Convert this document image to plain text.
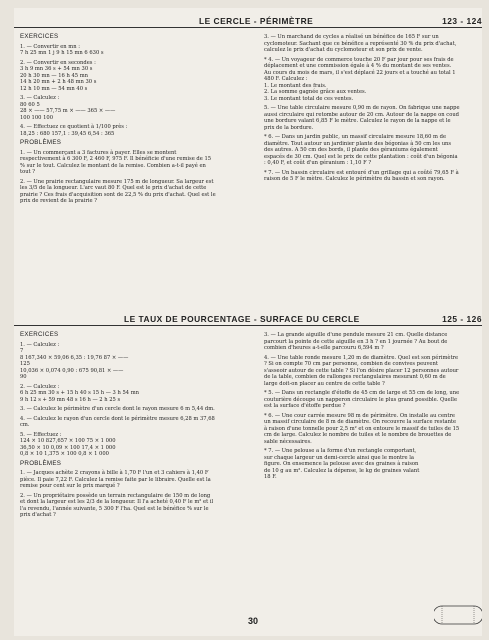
LE CERCLE - PÉRIMÈTRE	123 - 124
EXERCICES
1. — Convertir en mn :
7 h 25 mn 1 j 9 h 15 mn 6 630 s
2. — Convertir en secondes :
3 h 9 mn 36 s + 54 mn 30 s
20 h 30 mn — 16 h 45 mn
14 h 20 mn + 2 h 48 mn 30 s
12 h 10 mn — 54 mn 40 s
3. — Calculez :
80 60 5
28 × —— 57,75 m × —— 365 × ——
100 100 100
4. — Effectuez ce quotient à 1/100 près :
18,25 : 680 157,1 : 39,45 6,54 : 365
PROBLÈMES
1. — Un commerçant a 3 factures à payer. Elles se montent respectivement à 6 300 F, 2 460 F, 975 F. Il bénéficie d'une remise de 15 % sur le tout. Calculez le montant de la remise. Combien a-t-il payé en tout ?
2. — Une prairie rectangulaire mesure 175 m de longueur. Sa largeur est les 3/5 de la longueur. L'arc vaut 80 F. Quel est le prix d'achat de cette prairie ? Ces frais d'acquisition sont de 22,5 % du prix d'achat. Quel est le prix de revient de la prairie ?
3. — Un marchand de cycles a réalisé un bénéfice de 165 F sur un cyclomoteur. Sachant que ce bénéfice a représenté 30 % du prix d'achat, calculez le prix d'achat du cyclomoteur et son prix de vente.
* 4. — Un voyageur de commerce touche 20 F par jour pour ses frais de déplacement et une commission égale à 4 % du montant de ses ventes. Au cours du mois de mars, il s'est déplacé 22 jours et a touché au total 1 480 F. Calculez :
1. Le montant des frais.
2. La somme gagnée grâce aux ventes.
3. Le montant total de ces ventes.
5. — Une table circulaire mesure 0,90 m de rayon. On fabrique une nappe aussi circulaire qui retombe autour de 20 cm. Autour de la nappe on coud une bordure valant 6,85 F le mètre. Calculez le rayon de la nappe et le prix de la bordure.
* 6. — Dans un jardin public, un massif circulaire mesure 18,60 m de diamètre. Tout autour un jardinier plante des bégonias à 50 cm les uns des autres. A 50 cm des bords, il plante des géraniums également espacés de 30 cm. Quel est le prix de cette plantation : coût d'un bégonia : 0,40 F, et coût d'un géranium : 1,10 F ?
* 7. — Un bassin circulaire est entouré d'un grillage qui a coûté 79,65 F à raison de 5 F le mètre. Calculez le périmètre du bassin et son rayon.
LE TAUX DE POURCENTAGE - SURFACE DU CERCLE	125 - 126
EXERCICES
1. — Calculez :
7
8 167,340 × 59,06 6,35 : 19,76 87 × ——
125
10,036 × 0,074 0,90 : 675 90,81 × ——
90
2. — Calculez :
6 h 25 mn 30 s + 15 h 40 s 15 h — 3 h 54 mn
9 h 12 s + 59 mn 48 s 16 h — 2 h 25 s
3. — Calculez le périmètre d'un cercle dont le rayon mesure 6 m 5,44 dm.
4. — Calculez le rayon d'un cercle dont le périmètre mesure 6,28 m 37,68 cm.
5. — Effectuez :
124 × 10 827,657 × 100 75 × 1 000
36,50 × 10 0,09 × 100 17,4 × 1 000
0,8 × 10 1,375 × 100 0,8 × 1 000
PROBLÈMES
1. — Jacques achète 2 crayons à bille à 1,70 F l'un et 3 cahiers à 1,40 F pièce. Il paie 7,22 F. Calculez la remise faite par le libraire. Quelle est la remise pour cent sur le prix marqué ?
2. — Un propriétaire possède un terrain rectangulaire de 150 m de long et dont la largeur est les 2/3 de la longueur. Il l'a acheté 0,40 F le m² et il l'a revendu, l'année suivante, 5 300 F l'ha. Quel est le bénéfice % sur le prix d'achat ?
3. — La grande aiguille d'une pendule mesure 21 cm. Quelle distance parcourt la pointe de cette aiguille en 3 h ? en 1 journée ? Au bout de combien d'heures a-t-elle parcouru 6,594 m ?
4. — Une table ronde mesure 1,20 m de diamètre. Quel est son périmètre ? Si on compte 70 cm par personne, combien de convives peuvent s'asseoir autour de cette table ? Si l'on désire placer 12 personnes autour de la table, combien de rallonges rectangulaires mesurant 0,60 m de large doit-on placer au centre de cette table ?
* 5. — Dans un rectangle d'étoffe de 45 cm de large et 55 cm de long, une couturière découpe un napperon circulaire le plus grand possible. Quelle est la surface d'étoffe perdue ?
* 6. — Une cour carrée mesure 98 m de périmètre. On installe au centre un massif circulaire de 8 m de diamètre. On recouvre la surface restante à raison d'une tonnelle pour 2,5 m² et on entoure le massif de tuiles de 15 cm de large. Calculez le nombre de tuiles et le nombre de brouettes de sable nécessaires.
* 7. — Une pelouse a la forme d'un rectangle comportant, sur chaque largeur un demi-cercle ainsi que le montre la figure. On ensemence la pelouse avec des graines à raison de 10 g au m². Calculez la dépense, le kg de graines valant 18 F.
30
